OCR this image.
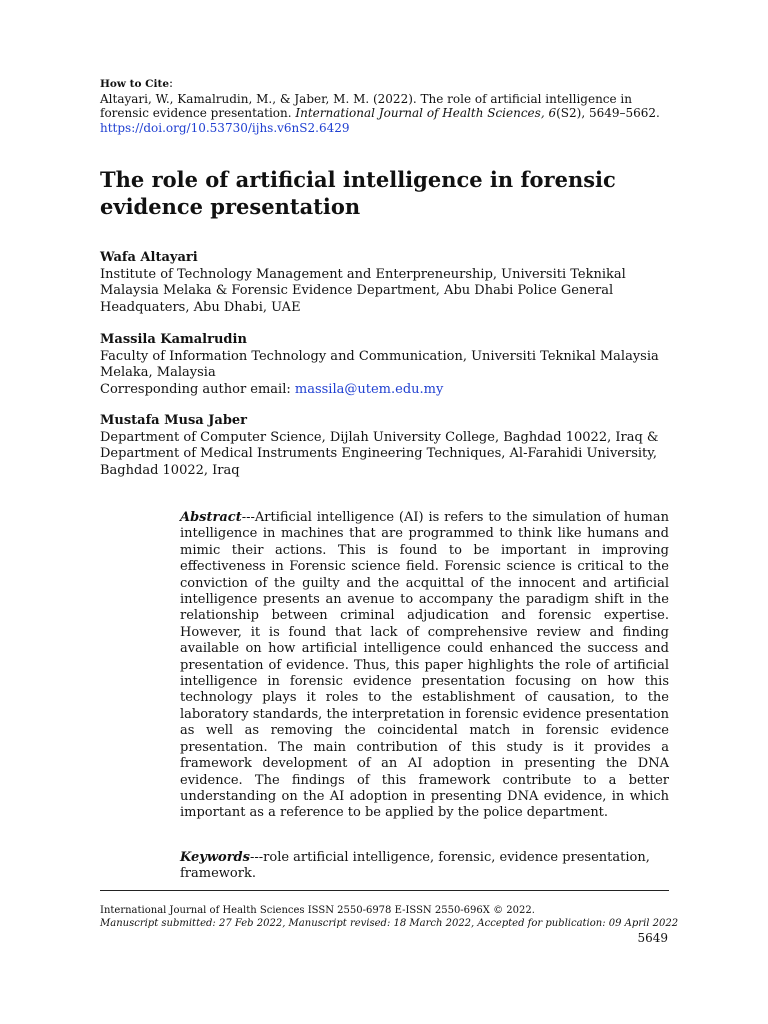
How to Cite:
Altayari, W., Kamalrudin, M., & Jaber, M. M. (2022). The role of artificial intelligence in forensic evidence presentation. International Journal of Health Sciences, 6(S2), 5649–5662.
https://doi.org/10.53730/ijhs.v6nS2.6429
The role of artificial intelligence in forensic evidence presentation
Wafa Altayari
Institute of Technology Management and Enterpreneurship, Universiti Teknikal Malaysia Melaka & Forensic Evidence Department, Abu Dhabi Police General Headquaters, Abu Dhabi, UAE
Massila Kamalrudin
Faculty of Information Technology and Communication, Universiti Teknikal Malaysia Melaka, Malaysia
Corresponding author email: massila@utem.edu.my
Mustafa Musa Jaber
Department of Computer Science, Dijlah University College, Baghdad 10022, Iraq & Department of Medical Instruments Engineering Techniques, Al-Farahidi University, Baghdad 10022, Iraq

Abstract---Artificial intelligence (AI) is refers to the simulation of human intelligence in machines that are programmed to think like humans and mimic their actions. This is found to be important in improving effectiveness in Forensic science field. Forensic science is critical to the conviction of the guilty and the acquittal of the innocent and artificial intelligence presents an avenue to accompany the paradigm shift in the relationship between criminal adjudication and forensic expertise. However, it is found that lack of comprehensive review and finding available on how artificial intelligence could enhanced the success and presentation of evidence. Thus, this paper highlights the role of artificial intelligence in forensic evidence presentation focusing on how this technology plays it roles to the establishment of causation, to the laboratory standards, the interpretation in forensic evidence presentation as well as removing the coincidental match in forensic evidence presentation. The main contribution of this study is it provides a framework development of an AI adoption in presenting the DNA evidence. The findings of this framework contribute to a better understanding on the AI adoption in presenting DNA evidence, in which important as a reference to be applied by the police department.

Keywords---role artificial intelligence, forensic, evidence presentation, framework.

International Journal of Health Sciences ISSN 2550-6978 E-ISSN 2550-696X © 2022.
Manuscript submitted: 27 Feb 2022, Manuscript revised: 18 March 2022, Accepted for publication: 09 April 2022
5649
